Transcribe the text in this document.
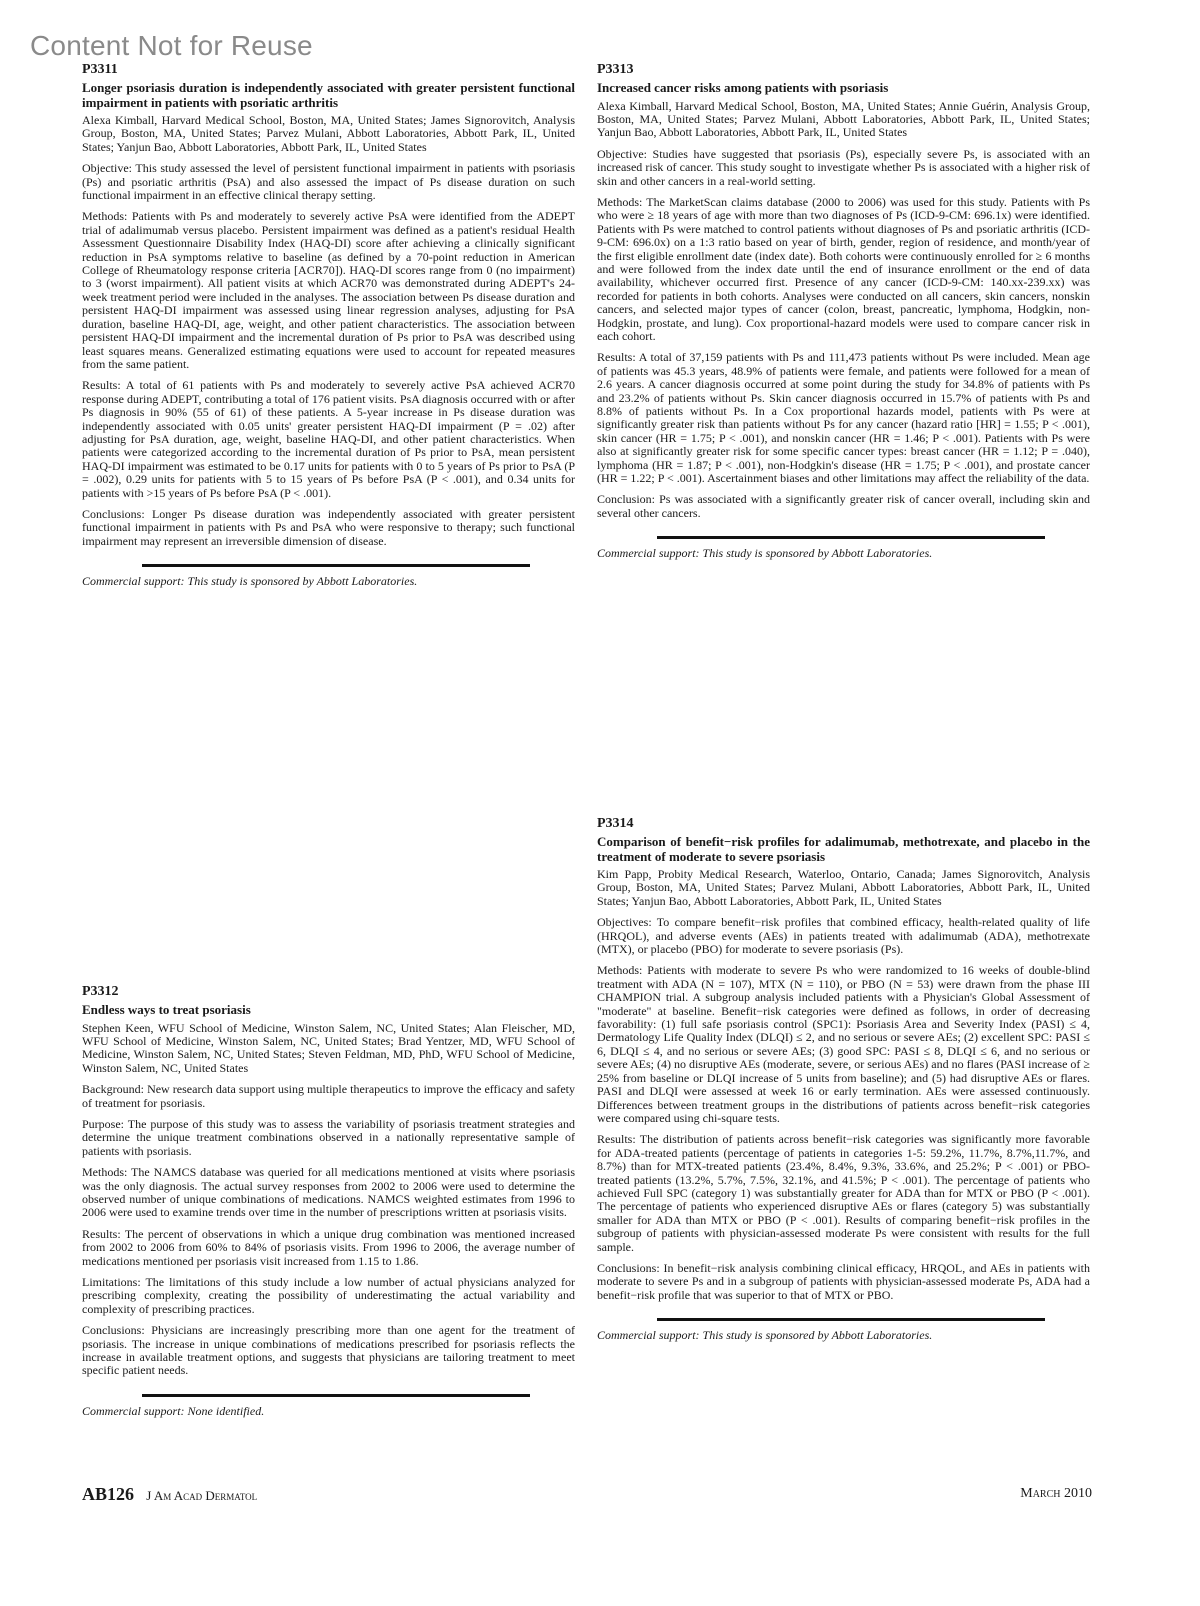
Content Not for Reuse
P3311
Longer psoriasis duration is independently associated with greater persistent functional impairment in patients with psoriatic arthritis
Alexa Kimball, Harvard Medical School, Boston, MA, United States; James Signorovitch, Analysis Group, Boston, MA, United States; Parvez Mulani, Abbott Laboratories, Abbott Park, IL, United States; Yanjun Bao, Abbott Laboratories, Abbott Park, IL, United States
Objective: This study assessed the level of persistent functional impairment in patients with psoriasis (Ps) and psoriatic arthritis (PsA) and also assessed the impact of Ps disease duration on such functional impairment in an effective clinical therapy setting.
Methods: Patients with Ps and moderately to severely active PsA were identified from the ADEPT trial of adalimumab versus placebo. Persistent impairment was defined as a patient's residual Health Assessment Questionnaire Disability Index (HAQ-DI) score after achieving a clinically significant reduction in PsA symptoms relative to baseline (as defined by a 70-point reduction in American College of Rheumatology response criteria [ACR70]). HAQ-DI scores range from 0 (no impairment) to 3 (worst impairment). All patient visits at which ACR70 was demonstrated during ADEPT's 24-week treatment period were included in the analyses. The association between Ps disease duration and persistent HAQ-DI impairment was assessed using linear regression analyses, adjusting for PsA duration, baseline HAQ-DI, age, weight, and other patient characteristics. The association between persistent HAQ-DI impairment and the incremental duration of Ps prior to PsA was described using least squares means. Generalized estimating equations were used to account for repeated measures from the same patient.
Results: A total of 61 patients with Ps and moderately to severely active PsA achieved ACR70 response during ADEPT, contributing a total of 176 patient visits. PsA diagnosis occurred with or after Ps diagnosis in 90% (55 of 61) of these patients. A 5-year increase in Ps disease duration was independently associated with 0.05 units' greater persistent HAQ-DI impairment (P = .02) after adjusting for PsA duration, age, weight, baseline HAQ-DI, and other patient characteristics. When patients were categorized according to the incremental duration of Ps prior to PsA, mean persistent HAQ-DI impairment was estimated to be 0.17 units for patients with 0 to 5 years of Ps prior to PsA (P = .002), 0.29 units for patients with 5 to 15 years of Ps before PsA (P < .001), and 0.34 units for patients with >15 years of Ps before PsA (P < .001).
Conclusions: Longer Ps disease duration was independently associated with greater persistent functional impairment in patients with Ps and PsA who were responsive to therapy; such functional impairment may represent an irreversible dimension of disease.
Commercial support: This study is sponsored by Abbott Laboratories.
P3313
Increased cancer risks among patients with psoriasis
Alexa Kimball, Harvard Medical School, Boston, MA, United States; Annie Guérin, Analysis Group, Boston, MA, United States; Parvez Mulani, Abbott Laboratories, Abbott Park, IL, United States; Yanjun Bao, Abbott Laboratories, Abbott Park, IL, United States
Objective: Studies have suggested that psoriasis (Ps), especially severe Ps, is associated with an increased risk of cancer. This study sought to investigate whether Ps is associated with a higher risk of skin and other cancers in a real-world setting.
Methods: The MarketScan claims database (2000 to 2006) was used for this study. Patients with Ps who were ≥ 18 years of age with more than two diagnoses of Ps (ICD-9-CM: 696.1x) were identified. Patients with Ps were matched to control patients without diagnoses of Ps and psoriatic arthritis (ICD-9-CM: 696.0x) on a 1:3 ratio based on year of birth, gender, region of residence, and month/year of the first eligible enrollment date (index date). Both cohorts were continuously enrolled for ≥ 6 months and were followed from the index date until the end of insurance enrollment or the end of data availability, whichever occurred first. Presence of any cancer (ICD-9-CM: 140.xx-239.xx) was recorded for patients in both cohorts. Analyses were conducted on all cancers, skin cancers, nonskin cancers, and selected major types of cancer (colon, breast, pancreatic, lymphoma, Hodgkin, non-Hodgkin, prostate, and lung). Cox proportional-hazard models were used to compare cancer risk in each cohort.
Results: A total of 37,159 patients with Ps and 111,473 patients without Ps were included. Mean age of patients was 45.3 years, 48.9% of patients were female, and patients were followed for a mean of 2.6 years. A cancer diagnosis occurred at some point during the study for 34.8% of patients with Ps and 23.2% of patients without Ps. Skin cancer diagnosis occurred in 15.7% of patients with Ps and 8.8% of patients without Ps. In a Cox proportional hazards model, patients with Ps were at significantly greater risk than patients without Ps for any cancer (hazard ratio [HR] = 1.55; P < .001), skin cancer (HR = 1.75; P < .001), and nonskin cancer (HR = 1.46; P < .001). Patients with Ps were also at significantly greater risk for some specific cancer types: breast cancer (HR = 1.12; P = .040), lymphoma (HR = 1.87; P < .001), non-Hodgkin's disease (HR = 1.75; P < .001), and prostate cancer (HR = 1.22; P < .001). Ascertainment biases and other limitations may affect the reliability of the data.
Conclusion: Ps was associated with a significantly greater risk of cancer overall, including skin and several other cancers.
Commercial support: This study is sponsored by Abbott Laboratories.
P3312
Endless ways to treat psoriasis
Stephen Keen, WFU School of Medicine, Winston Salem, NC, United States; Alan Fleischer, MD, WFU School of Medicine, Winston Salem, NC, United States; Brad Yentzer, MD, WFU School of Medicine, Winston Salem, NC, United States; Steven Feldman, MD, PhD, WFU School of Medicine, Winston Salem, NC, United States
Background: New research data support using multiple therapeutics to improve the efficacy and safety of treatment for psoriasis.
Purpose: The purpose of this study was to assess the variability of psoriasis treatment strategies and determine the unique treatment combinations observed in a nationally representative sample of patients with psoriasis.
Methods: The NAMCS database was queried for all medications mentioned at visits where psoriasis was the only diagnosis. The actual survey responses from 2002 to 2006 were used to determine the observed number of unique combinations of medications. NAMCS weighted estimates from 1996 to 2006 were used to examine trends over time in the number of prescriptions written at psoriasis visits.
Results: The percent of observations in which a unique drug combination was mentioned increased from 2002 to 2006 from 60% to 84% of psoriasis visits. From 1996 to 2006, the average number of medications mentioned per psoriasis visit increased from 1.15 to 1.86.
Limitations: The limitations of this study include a low number of actual physicians analyzed for prescribing complexity, creating the possibility of underestimating the actual variability and complexity of prescribing practices.
Conclusions: Physicians are increasingly prescribing more than one agent for the treatment of psoriasis. The increase in unique combinations of medications prescribed for psoriasis reflects the increase in available treatment options, and suggests that physicians are tailoring treatment to meet specific patient needs.
Commercial support: None identified.
P3314
Comparison of benefit−risk profiles for adalimumab, methotrexate, and placebo in the treatment of moderate to severe psoriasis
Kim Papp, Probity Medical Research, Waterloo, Ontario, Canada; James Signorovitch, Analysis Group, Boston, MA, United States; Parvez Mulani, Abbott Laboratories, Abbott Park, IL, United States; Yanjun Bao, Abbott Laboratories, Abbott Park, IL, United States
Objectives: To compare benefit−risk profiles that combined efficacy, health-related quality of life (HRQOL), and adverse events (AEs) in patients treated with adalimumab (ADA), methotrexate (MTX), or placebo (PBO) for moderate to severe psoriasis (Ps).
Methods: Patients with moderate to severe Ps who were randomized to 16 weeks of double-blind treatment with ADA (N = 107), MTX (N = 110), or PBO (N = 53) were drawn from the phase III CHAMPION trial. A subgroup analysis included patients with a Physician's Global Assessment of "moderate" at baseline. Benefit−risk categories were defined as follows, in order of decreasing favorability: (1) full safe psoriasis control (SPC1): Psoriasis Area and Severity Index (PASI) ≤ 4, Dermatology Life Quality Index (DLQI) ≤ 2, and no serious or severe AEs; (2) excellent SPC: PASI ≤ 6, DLQI ≤ 4, and no serious or severe AEs; (3) good SPC: PASI ≤ 8, DLQI ≤ 6, and no serious or severe AEs; (4) no disruptive AEs (moderate, severe, or serious AEs) and no flares (PASI increase of ≥ 25% from baseline or DLQI increase of 5 units from baseline); and (5) had disruptive AEs or flares. PASI and DLQI were assessed at week 16 or early termination. AEs were assessed continuously. Differences between treatment groups in the distributions of patients across benefit−risk categories were compared using chi-square tests.
Results: The distribution of patients across benefit−risk categories was significantly more favorable for ADA-treated patients (percentage of patients in categories 1-5: 59.2%, 11.7%, 8.7%,11.7%, and 8.7%) than for MTX-treated patients (23.4%, 8.4%, 9.3%, 33.6%, and 25.2%; P < .001) or PBO-treated patients (13.2%, 5.7%, 7.5%, 32.1%, and 41.5%; P < .001). The percentage of patients who achieved Full SPC (category 1) was substantially greater for ADA than for MTX or PBO (P < .001). The percentage of patients who experienced disruptive AEs or flares (category 5) was substantially smaller for ADA than MTX or PBO (P < .001). Results of comparing benefit−risk profiles in the subgroup of patients with physician-assessed moderate Ps were consistent with results for the full sample.
Conclusions: In benefit−risk analysis combining clinical efficacy, HRQOL, and AEs in patients with moderate to severe Ps and in a subgroup of patients with physician-assessed moderate Ps, ADA had a benefit−risk profile that was superior to that of MTX or PBO.
Commercial support: This study is sponsored by Abbott Laboratories.
AB126 J Am Acad Dermatol	March 2010
